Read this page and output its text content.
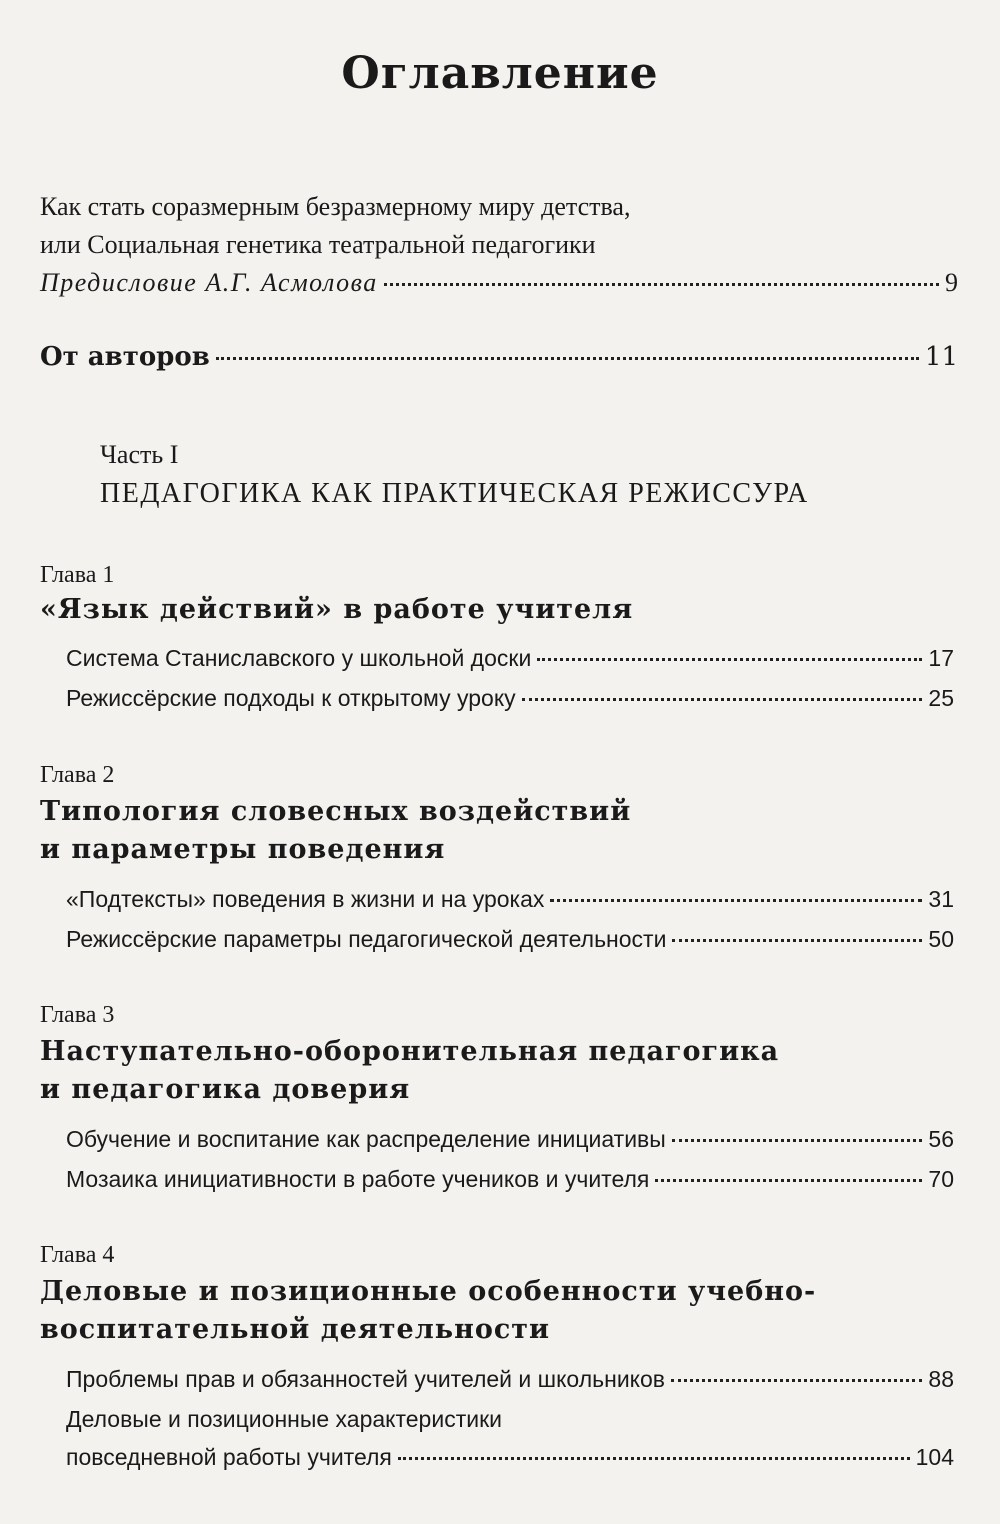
Оглавление
Как стать соразмерным безразмерному миру детства,
или Социальная генетика театральной педагогики
Предисловие А.Г. Асмолова	9
От авторов	11
Часть I
ПЕДАГОГИКА КАК ПРАКТИЧЕСКАЯ РЕЖИССУРА
Глава 1
«Язык действий» в работе учителя
Система Станиславского у школьной доски	17
Режиссёрские подходы к открытому уроку	25
Глава 2
Типология словесных воздействий
и параметры поведения
«Подтексты» поведения в жизни и на уроках	31
Режиссёрские параметры педагогической деятельности	50
Глава 3
Наступательно-оборонительная педагогика
и педагогика доверия
Обучение и воспитание как распределение инициативы	56
Мозаика инициативности в работе учеников и учителя	70
Глава 4
Деловые и позиционные особенности учебно-
воспитательной деятельности
Проблемы прав и обязанностей учителей и школьников	88
Деловые и позиционные характеристики
повседневной работы учителя	104
